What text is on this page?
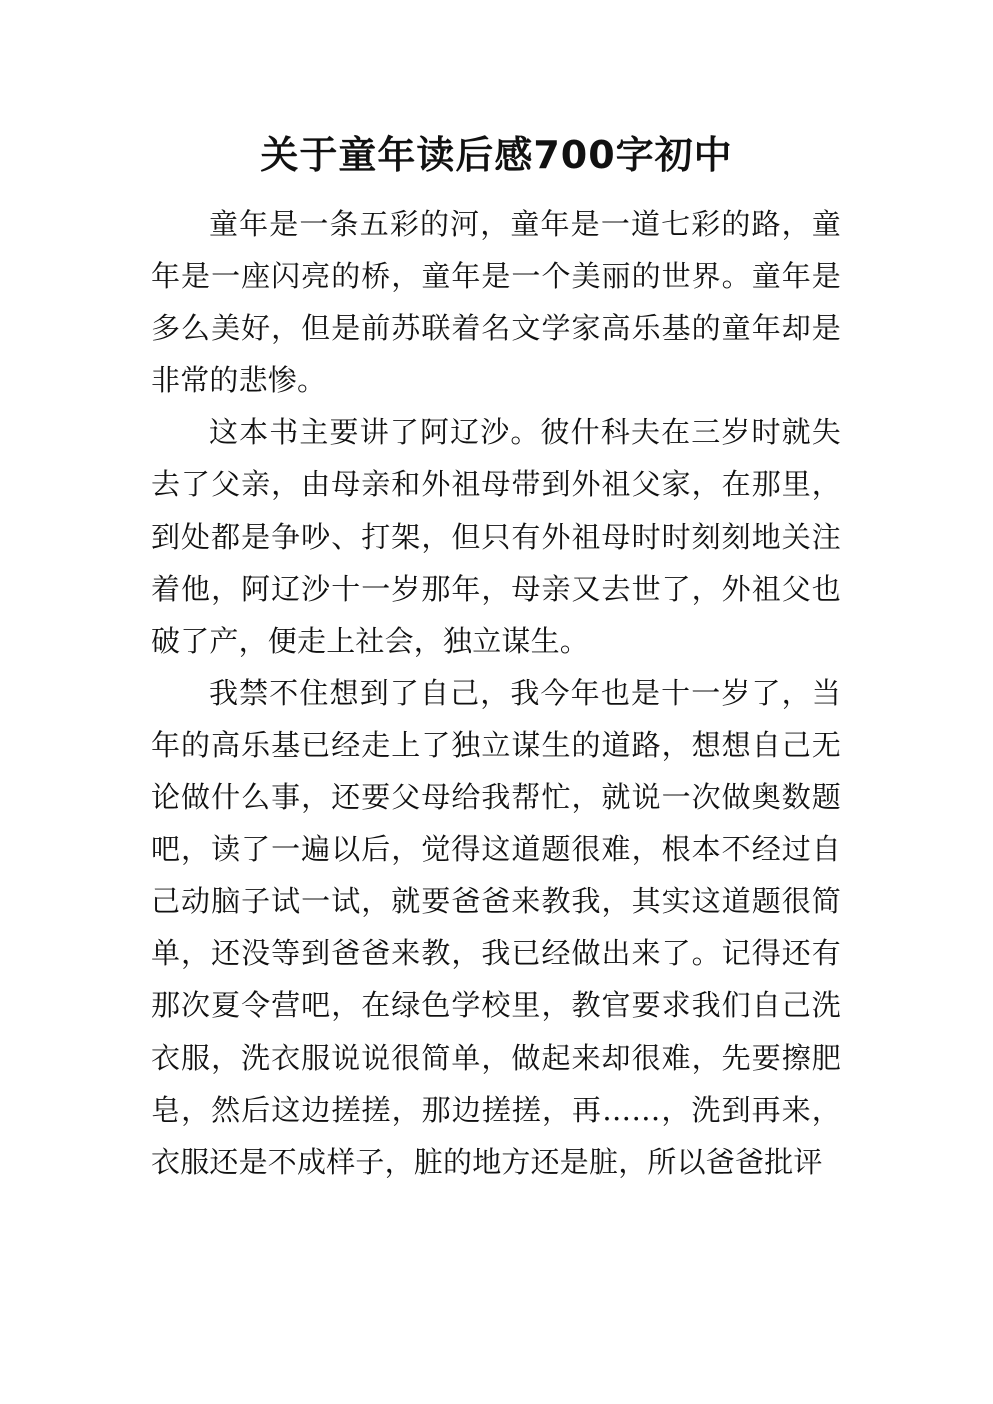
关于童年读后感700字初中

童年是一条五彩的河，童年是一道七彩的路，童年是一座闪亮的桥，童年是一个美丽的世界。童年是多么美好，但是前苏联着名文学家高乐基的童年却是非常的悲惨。

这本书主要讲了阿辽沙。彼什科夫在三岁时就失去了父亲，由母亲和外祖母带到外祖父家，在那里，到处都是争吵、打架，但只有外祖母时时刻刻地关注着他，阿辽沙十一岁那年，母亲又去世了，外祖父也破了产，便走上社会，独立谋生。

我禁不住想到了自己，我今年也是十一岁了，当年的高乐基已经走上了独立谋生的道路，想想自己无论做什么事，还要父母给我帮忙，就说一次做奥数题吧，读了一遍以后，觉得这道题很难，根本不经过自己动脑子试一试，就要爸爸来教我，其实这道题很简单，还没等到爸爸来教，我已经做出来了。记得还有那次夏令营吧，在绿色学校里，教官要求我们自己洗衣服，洗衣服说说很简单，做起来却很难，先要擦肥皂，然后这边搓搓，那边搓搓，再……，洗到再来，衣服还是不成样子，脏的地方还是脏，所以爸爸批评
